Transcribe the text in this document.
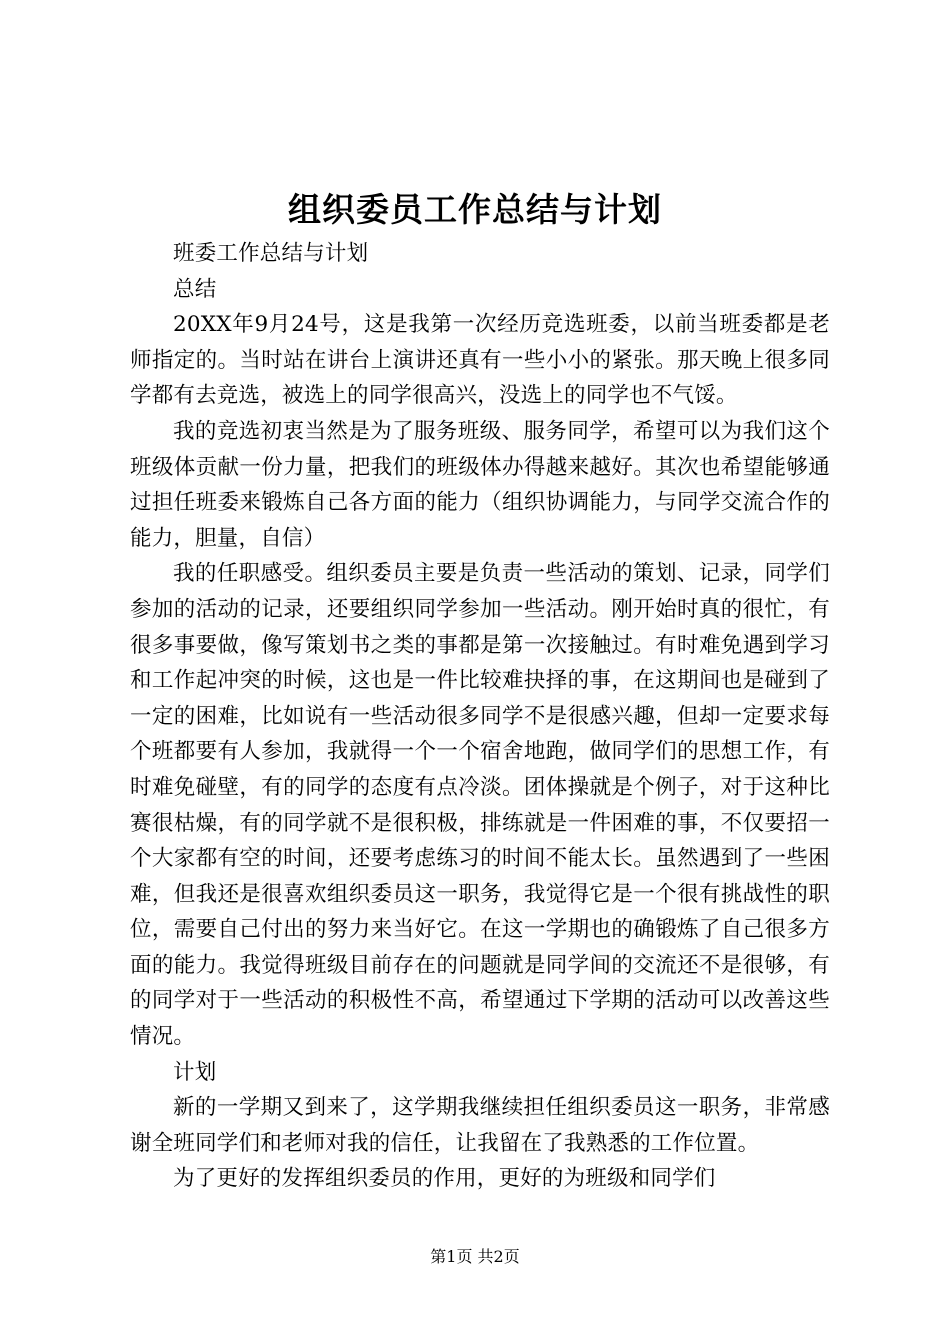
组织委员工作总结与计划

班委工作总结与计划

总结

20XX年9月24号，这是我第一次经历竞选班委，以前当班委都是老师指定的。当时站在讲台上演讲还真有一些小小的紧张。那天晚上很多同学都有去竞选，被选上的同学很高兴，没选上的同学也不气馁。

我的竞选初衷当然是为了服务班级、服务同学，希望可以为我们这个班级体贡献一份力量，把我们的班级体办得越来越好。其次也希望能够通过担任班委来锻炼自己各方面的能力（组织协调能力，与同学交流合作的能力，胆量，自信）

我的任职感受。组织委员主要是负责一些活动的策划、记录，同学们参加的活动的记录，还要组织同学参加一些活动。刚开始时真的很忙，有很多事要做，像写策划书之类的事都是第一次接触过。有时难免遇到学习和工作起冲突的时候，这也是一件比较难抉择的事，在这期间也是碰到了一定的困难，比如说有一些活动很多同学不是很感兴趣，但却一定要求每个班都要有人参加，我就得一个一个宿舍地跑，做同学们的思想工作，有时难免碰壁，有的同学的态度有点冷淡。团体操就是个例子，对于这种比赛很枯燥，有的同学就不是很积极，排练就是一件困难的事，不仅要招一个大家都有空的时间，还要考虑练习的时间不能太长。虽然遇到了一些困难，但我还是很喜欢组织委员这一职务，我觉得它是一个很有挑战性的职位，需要自己付出的努力来当好它。在这一学期也的确锻炼了自己很多方面的能力。我觉得班级目前存在的问题就是同学间的交流还不是很够，有的同学对于一些活动的积极性不高，希望通过下学期的活动可以改善这些情况。

计划

新的一学期又到来了，这学期我继续担任组织委员这一职务，非常感谢全班同学们和老师对我的信任，让我留在了我熟悉的工作位置。

为了更好的发挥组织委员的作用，更好的为班级和同学们

第1页 共2页
